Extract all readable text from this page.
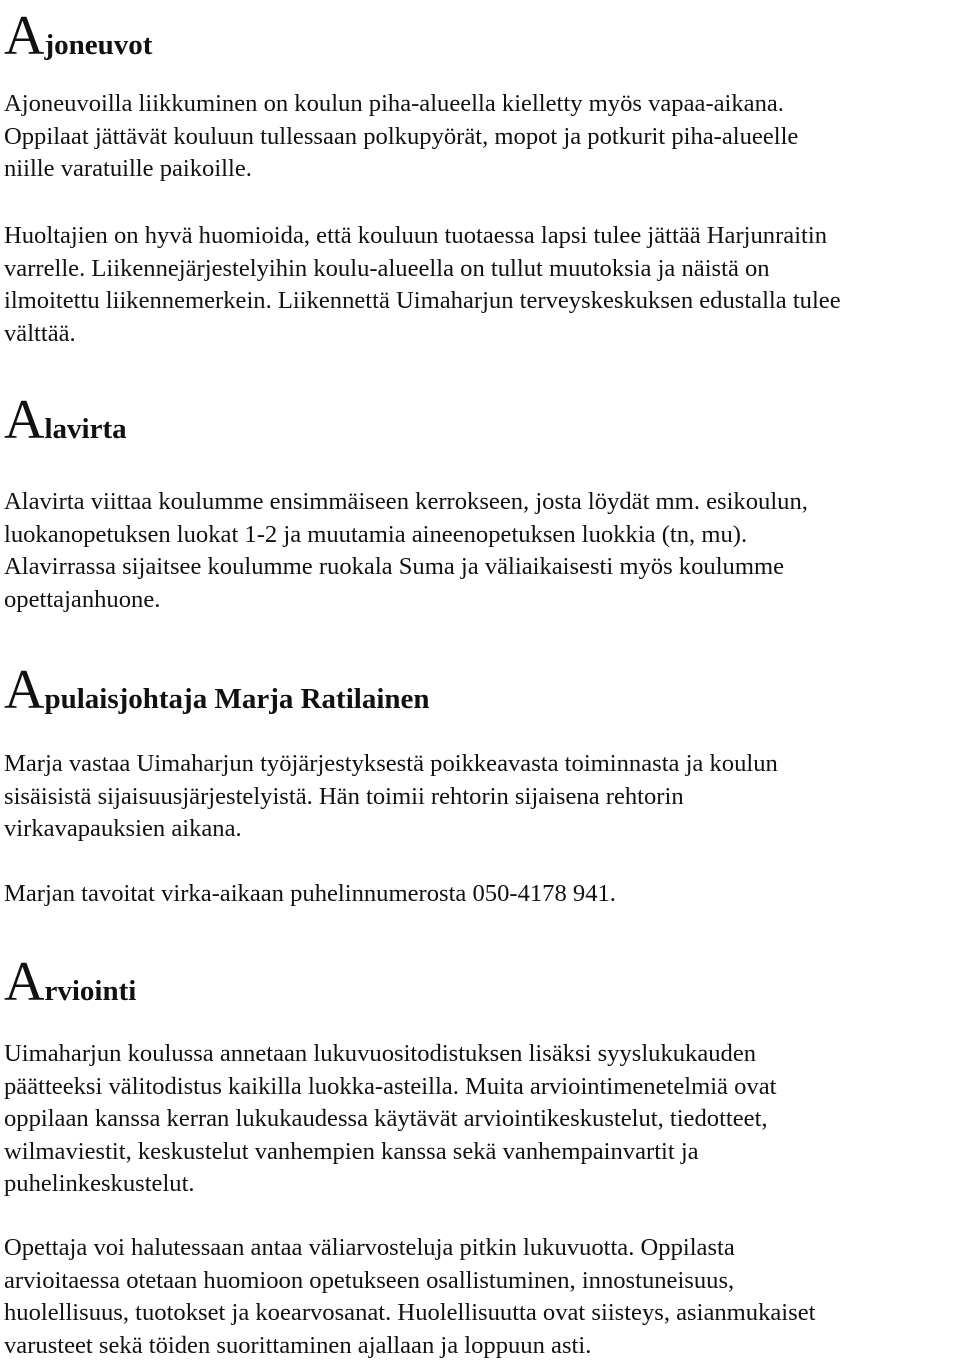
Ajoneuvot

Ajoneuvoilla liikkuminen on koulun piha-alueella kielletty myös vapaa-aikana.
Oppilaat jättävät kouluun tullessaan polkupyörät, mopot ja potkurit piha-alueelle
niille varatuille paikoille.

Huoltajien on hyvä huomioida, että kouluun tuotaessa lapsi tulee jättää Harjunraitin
varrelle. Liikennejärjestelyihin koulu-alueella on tullut muutoksia ja näistä on
ilmoitettu liikennemerkein. Liikennettä Uimaharjun terveyskeskuksen edustalla tulee
välttää.

Alavirta

Alavirta viittaa koulumme ensimmäiseen kerrokseen, josta löydät mm. esikoulun,
luokanopetuksen luokat 1-2 ja muutamia aineenopetuksen luokkia (tn, mu).
Alavirrassa sijaitsee koulumme ruokala Suma ja väliaikaisesti myös koulumme
opettajanhuone.

Apulaisjohtaja Marja Ratilainen

Marja vastaa Uimaharjun työjärjestyksestä poikkeavasta toiminnasta ja koulun
sisäisistä sijaisuusjärjestelyistä. Hän toimii rehtorin sijaisena rehtorin
virkavapauksien aikana.

Marjan tavoitat virka-aikaan puhelinnumerosta 050-4178 941.

Arviointi

Uimaharjun koulussa annetaan lukuvuositodistuksen lisäksi syyslukukauden
päätteeksi välitodistus kaikilla luokka-asteilla. Muita arviointimenetelmiä ovat
oppilaan kanssa kerran lukukaudessa käytävät arviointikeskustelut, tiedotteet,
wilmaviestit, keskustelut vanhempien kanssa sekä vanhempainvartit ja
puhelinkeskustelut.

Opettaja voi halutessaan antaa väliarvosteluja pitkin lukuvuotta. Oppilasta
arvioitaessa otetaan huomioon opetukseen osallistuminen, innostuneisuus,
huolellisuus, tuotokset ja koearvosanat. Huolellisuutta ovat siisteys, asianmukaiset
varusteet sekä töiden suorittaminen ajallaan ja loppuun asti.
